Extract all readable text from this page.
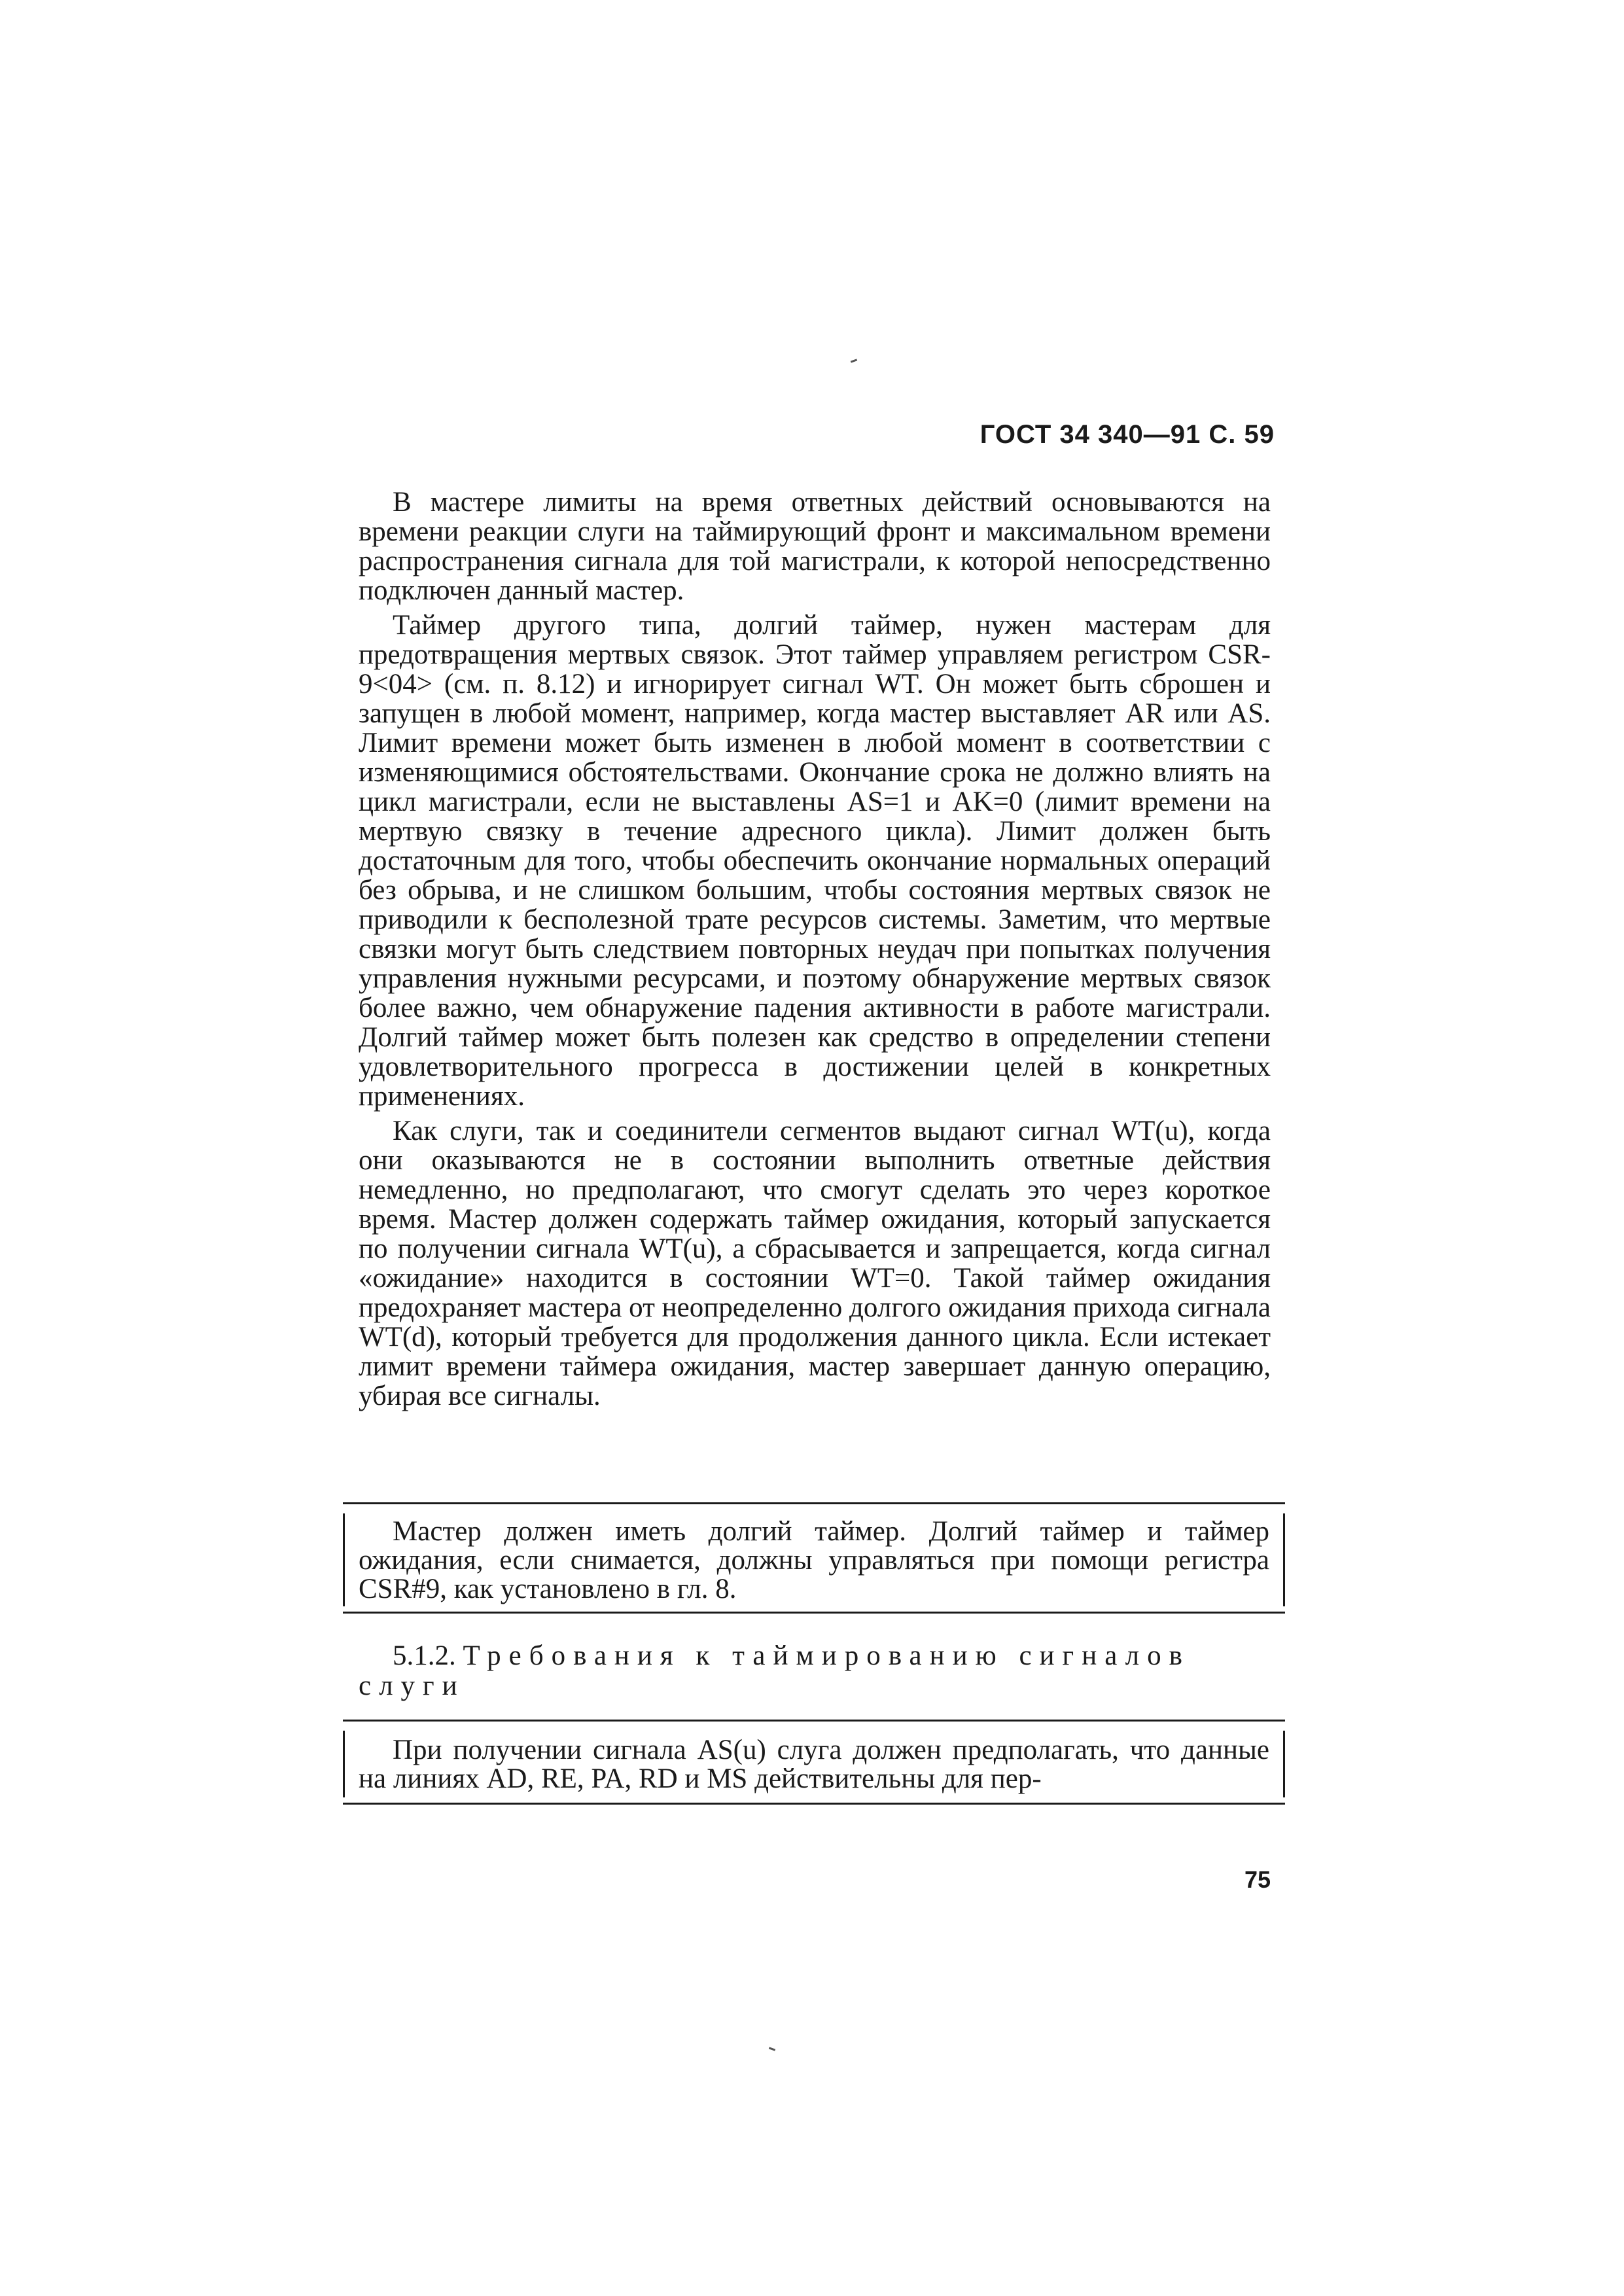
ГОСТ 34 340—91 С. 59

В мастере лимиты на время ответных действий основываются на времени реакции слуги на таймирующий фронт и максимальном времени распространения сигнала для той магистрали, к которой непосредственно подключен данный мастер.

Таймер другого типа, долгий таймер, нужен мастерам для предотвращения мертвых связок. Этот таймер управляем регистром CSR-9<04> (см. п. 8.12) и игнорирует сигнал WT. Он может быть сброшен и запущен в любой момент, например, когда мастер выставляет AR или AS. Лимит времени может быть изменен в любой момент в соответствии с изменяющимися обстоятельствами. Окончание срока не должно влиять на цикл магистрали, если не выставлены AS=1 и AK=0 (лимит времени на мертвую связку в течение адресного цикла). Лимит должен быть достаточным для того, чтобы обеспечить окончание нормальных операций без обрыва, и не слишком большим, чтобы состояния мертвых связок не приводили к бесполезной трате ресурсов системы. Заметим, что мертвые связки могут быть следствием повторных неудач при попытках получения управления нужными ресурсами, и поэтому обнаружение мертвых связок более важно, чем обнаружение падения активности в работе магистрали. Долгий таймер может быть полезен как средство в определении степени удовлетворительного прогресса в достижении целей в конкретных применениях.

Как слуги, так и соединители сегментов выдают сигнал WT(u), когда они оказываются не в состоянии выполнить ответные действия немедленно, но предполагают, что смогут сделать это через короткое время. Мастер должен содержать таймер ожидания, который запускается по получении сигнала WT(u), а сбрасывается и запрещается, когда сигнал «ожидание» находится в состоянии WT=0. Такой таймер ожидания предохраняет мастера от неопределенно долгого ожидания прихода сигнала WT(d), который требуется для продолжения данного цикла. Если истекает лимит времени таймера ожидания, мастер завершает данную операцию, убирая все сигналы.

Мастер должен иметь долгий таймер. Долгий таймер и таймер ожидания, если снимается, должны управляться при помощи регистра CSR#9, как установлено в гл. 8.

5.1.2. Требования к таймированию сигналов слуги

При получении сигнала AS(u) слуга должен предполагать, что данные на линиях AD, RE, PA, RD и MS действительны для пер-

75
